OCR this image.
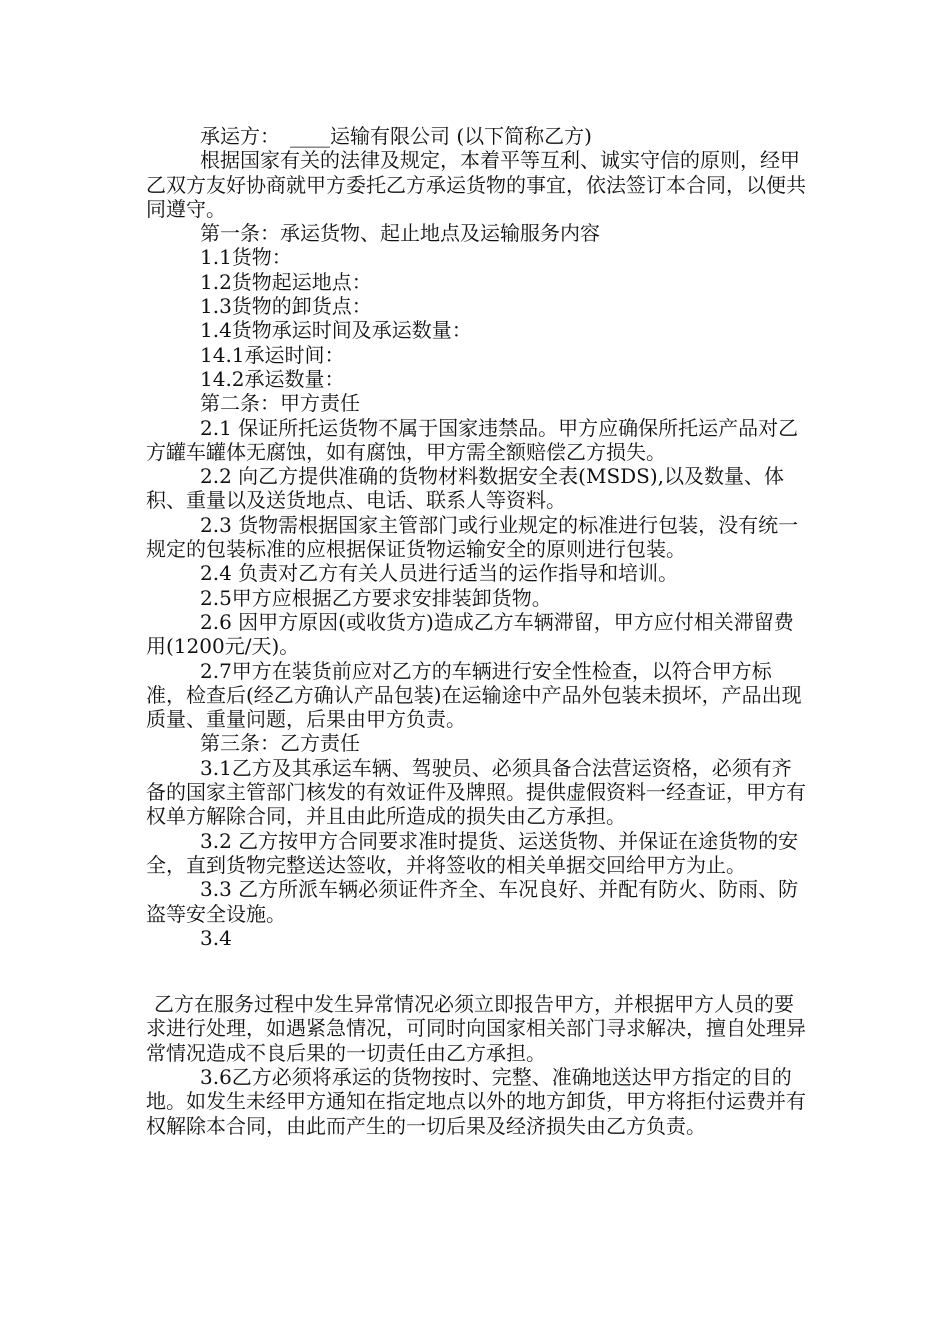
承运方：　____运输有限公司 (以下简称乙方)

根据国家有关的法律及规定，本着平等互利、诚实守信的原则，经甲乙双方友好协商就甲方委托乙方承运货物的事宜，依法签订本合同，以便共同遵守。

第一条：承运货物、起止地点及运输服务内容

1.1货物：

1.2货物起运地点：

1.3货物的卸货点：

1.4货物承运时间及承运数量：

14.1承运时间：

14.2承运数量：

第二条：甲方责任

2.1 保证所托运货物不属于国家违禁品。甲方应确保所托运产品对乙方罐车罐体无腐蚀，如有腐蚀，甲方需全额赔偿乙方损失。

2.2 向乙方提供准确的货物材料数据安全表(MSDS),以及数量、体积、重量以及送货地点、电话、联系人等资料。

2.3 货物需根据国家主管部门或行业规定的标准进行包装，没有统一规定的包装标准的应根据保证货物运输安全的原则进行包装。

2.4 负责对乙方有关人员进行适当的运作指导和培训。

2.5甲方应根据乙方要求安排装卸货物。

2.6 因甲方原因(或收货方)造成乙方车辆滞留，甲方应付相关滞留费用(1200元/天)。

2.7甲方在装货前应对乙方的车辆进行安全性检查，以符合甲方标准，检查后(经乙方确认产品包装)在运输途中产品外包装未损坏，产品出现质量、重量问题，后果由甲方负责。

第三条：乙方责任

3.1乙方及其承运车辆、驾驶员、必须具备合法营运资格，必须有齐备的国家主管部门核发的有效证件及牌照。提供虚假资料一经查证，甲方有权单方解除合同，并且由此所造成的损失由乙方承担。

3.2 乙方按甲方合同要求准时提货、运送货物、并保证在途货物的安全，直到货物完整送达签收，并将签收的相关单据交回给甲方为止。

3.3 乙方所派车辆必须证件齐全、车况良好、并配有防火、防雨、防盗等安全设施。

3.4

乙方在服务过程中发生异常情况必须立即报告甲方，并根据甲方人员的要求进行处理，如遇紧急情况，可同时向国家相关部门寻求解决，擅自处理异常情况造成不良后果的一切责任由乙方承担。

3.6乙方必须将承运的货物按时、完整、准确地送达甲方指定的目的地。如发生未经甲方通知在指定地点以外的地方卸货，甲方将拒付运费并有权解除本合同，由此而产生的一切后果及经济损失由乙方负责。
